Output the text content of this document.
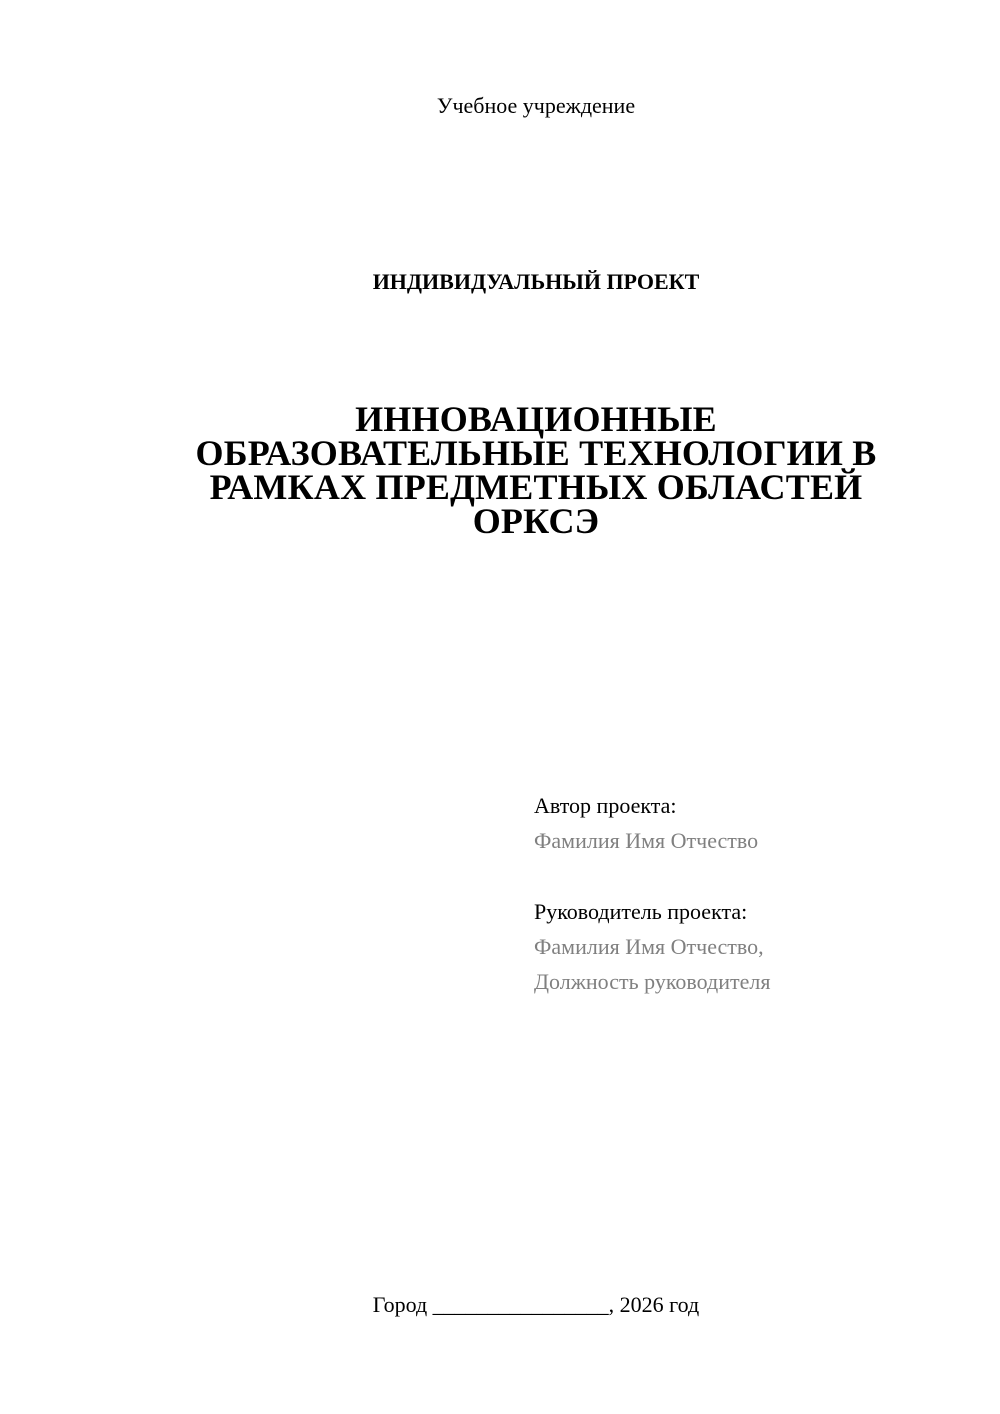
Учебное учреждение
ИНДИВИДУАЛЬНЫЙ ПРОЕКТ
ИННОВАЦИОННЫЕ
ОБРАЗОВАТЕЛЬНЫЕ ТЕХНОЛОГИИ В
РАМКАХ ПРЕДМЕТНЫХ ОБЛАСТЕЙ
ОРКСЭ
Автор проекта:
Фамилия Имя Отчество
Руководитель проекта:
Фамилия Имя Отчество,
Должность руководителя
Город ________________, 2026 год
